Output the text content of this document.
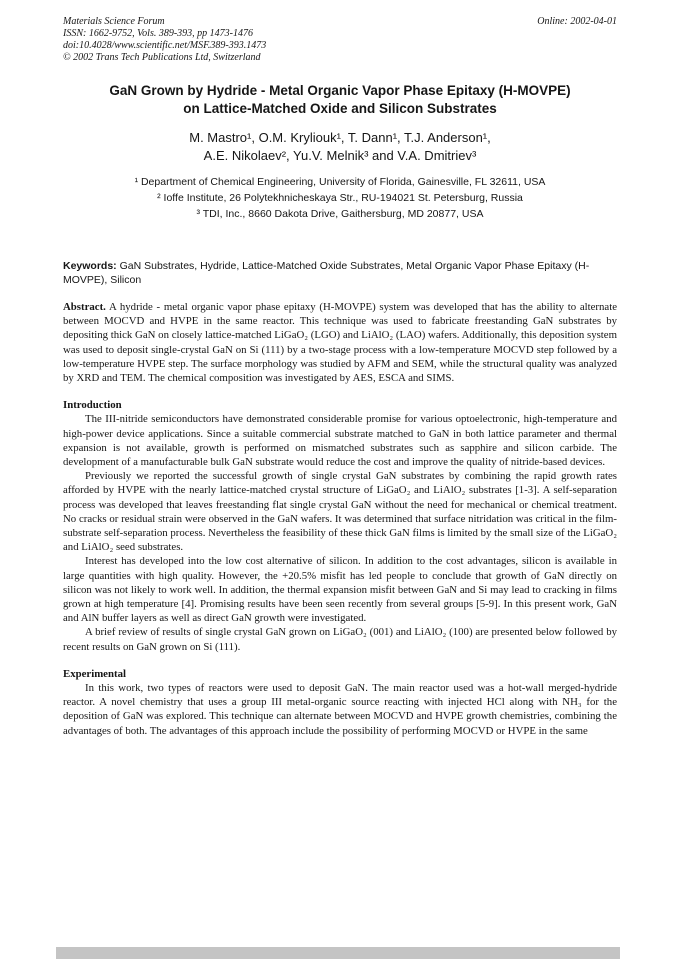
Materials Science Forum
ISSN: 1662-9752, Vols. 389-393, pp 1473-1476
doi:10.4028/www.scientific.net/MSF.389-393.1473
© 2002 Trans Tech Publications Ltd, Switzerland
Online: 2002-04-01
GaN Grown by Hydride - Metal Organic Vapor Phase Epitaxy (H-MOVPE)
on Lattice-Matched Oxide and Silicon Substrates
M. Mastro¹, O.M. Kryliouk¹, T. Dann¹, T.J. Anderson¹,
A.E. Nikolaev², Yu.V. Melnik³ and V.A. Dmitriev³
¹ Department of Chemical Engineering, University of Florida, Gainesville, FL 32611, USA
² Ioffe Institute, 26 Polytekhnicheskaya Str., RU-194021 St. Petersburg, Russia
³ TDI, Inc., 8660 Dakota Drive, Gaithersburg, MD 20877, USA

Keywords: GaN Substrates, Hydride, Lattice-Matched Oxide Substrates, Metal Organic Vapor Phase Epitaxy (H-MOVPE), Silicon

Abstract. A hydride - metal organic vapor phase epitaxy (H-MOVPE) system was developed that has the ability to alternate between MOCVD and HVPE in the same reactor. This technique was used to fabricate freestanding GaN substrates by depositing thick GaN on closely lattice-matched LiGaO₂ (LGO) and LiAlO₂ (LAO) wafers. Additionally, this deposition system was used to deposit single-crystal GaN on Si (111) by a two-stage process with a low-temperature MOCVD step followed by a low-temperature HVPE step. The surface morphology was studied by AFM and SEM, while the structural quality was analyzed by XRD and TEM. The chemical composition was investigated by AES, ESCA and SIMS.

Introduction

The III-nitride semiconductors have demonstrated considerable promise for various optoelectronic, high-temperature and high-power device applications. Since a suitable commercial substrate matched to GaN in both lattice parameter and thermal expansion is not available, growth is performed on mismatched substrates such as sapphire and silicon carbide. The development of a manufacturable bulk GaN substrate would reduce the cost and improve the quality of nitride-based devices.

Previously we reported the successful growth of single crystal GaN substrates by combining the rapid growth rates afforded by HVPE with the nearly lattice-matched crystal structure of LiGaO₂ and LiAlO₂ substrates [1-3]. A self-separation process was developed that leaves freestanding flat single crystal GaN without the need for mechanical or chemical treatment. No cracks or residual strain were observed in the GaN wafers. It was determined that surface nitridation was critical in the film-substrate self-separation process. Nevertheless the feasibility of these thick GaN films is limited by the small size of the LiGaO₂ and LiAlO₂ seed substrates.

Interest has developed into the low cost alternative of silicon. In addition to the cost advantages, silicon is available in large quantities with high quality. However, the +20.5% misfit has led people to conclude that growth of GaN directly on silicon was not likely to work well. In addition, the thermal expansion misfit between GaN and Si may lead to cracking in films grown at high temperature [4]. Promising results have been seen recently from several groups [5-9]. In this present work, GaN and AlN buffer layers as well as direct GaN growth were investigated.

A brief review of results of single crystal GaN grown on LiGaO₂ (001) and LiAlO₂ (100) are presented below followed by recent results on GaN grown on Si (111).

Experimental

In this work, two types of reactors were used to deposit GaN. The main reactor used was a hot-wall merged-hydride reactor. A novel chemistry that uses a group III metal-organic source reacting with injected HCl along with NH₃ for the deposition of GaN was explored. This technique can alternate between MOCVD and HVPE growth chemistries, combining the advantages of both. The advantages of this approach include the possibility of performing MOCVD or HVPE in the same
